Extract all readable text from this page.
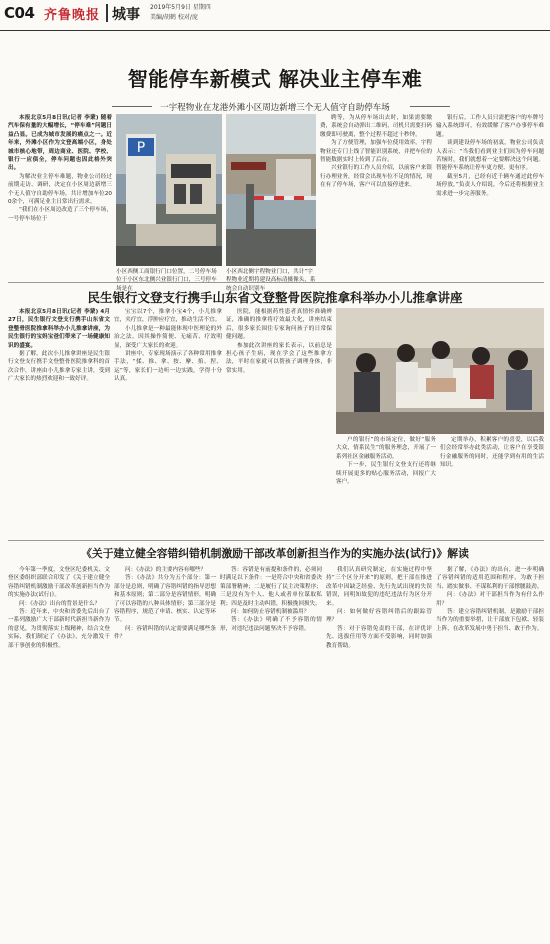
C04 齐鲁晚报 城事 2019年5月9日 星期四
美编/胡鹤 校对/庞
智能停车新模式 解决业主停车难
一宇程物业在龙港外滩小区周边新增三个无人值守自助停车场

本报北京5月8日讯(记者 李蒙) 随着汽车保有量的大幅增长，“停车难”问题日益凸显。已成为城市发展的痛点之一。近年来，外滩小区作为文登高端小区，身处城市核心地带，周边商业、医院、学校、银行一应俱全，停车问题也因此格外突出。

为解决业主停车难题，物业公司经过前期走访、调研，决定在小区周边新增三个无人值守自助停车场，共计增加车位200余个，可满足业主日常出行需求。

“我们在小区周边改造了三个停车场，一号停车场位于

P
小区西侧工商银行门口位置，二号停车场位于小区东北侧兴业银行门口，三号停车场是在
小区西北侧宇程物业门口，共计“宇程物业近期将建设高标清摄像头，系统会自动识别车

聘等，为从停车场出去时，如果需要缴费，系统会自动弹出二维码，司机只需要扫码缴费即可驶离，整个过程不超过十秒钟。

为了方便管理，加强车位使用效率，宇程物业还专门上线了智能识别系统，并把车位的智能数据实时上传到了后台。

兴业银行的工作人员介绍，以前客户来银行办理业务，经常会出现车位不足的情况，现在有了停车场，客户可以直接停进来。

银行后，工作人员只需把客户的车牌号输入系统即可，有效缓解了客户办事停车难题。

谈到建设停车场的初衷，物业公司负责人表示：“当我们看到业主们因为停车问题苦恼时，我们就想着一定要解决这个问题。智能停车系统让停车更方便、更有序。

截至5月，已经有近千辆车通过此停车场停放，”负责人介绍说，今后还将根据业主需求进一步完善服务。

民生银行文登支行携手山东省文登整骨医院推拿科举办小儿推拿讲座

本报北京5月8日讯(记者 李蒙) 4月27日，民生银行文登支行携手山东省文登整骨医院推拿科举办小儿推拿讲座，为民生银行的宝妈宝爸们带来了一场健康知识的盛宴。

据了解，此次小儿推拿讲座是民生银行文登支行携手文登整骨医院推拿科的首次合作，讲座由小儿推拿专家主讲，受到广大家长的热烈欢迎和一致好评。

宝宝以7个，推拿小宝4个，小儿推拿宜，夹疗宜，浮肿应疗宜，推动生活不宜。

小儿推拿是一种最能体现中医理论的外治之法，因其操作简便、无痛苦、疗效明显，深受广大家长的欢迎。

讲座中，专家现场演示了各种常用推拿手法，“揉、推、拿、按、摩、掐、捏、运”等，家长们一边听一边实践，学得十分认真。

医院，能根据药性患者真情怀准确辨证，准确的推拿将疗效最大化，讲座结束后，很多家长围住专家询问孩子的日常保健问题。

参加此次讲座的家长表示，以前总是担心孩子生病，现在学会了这些推拿方法，平时在家就可以帮孩子调理身体，非常实用。

户的银行”的市场定位，做好“服务大众，情系民生”的服务理念，开展了一系列社区金融服务活动。

下一步，民生银行文登支行还将继续开展更多的贴心服务活动，回报广大客户。

定期举办，积累客户的喜爱，以后我们会经常举办此类活动，让客户在享受银行金融服务的同时，还能学到有用的生活知识。

《关于建立健全容错纠错机制激励干部改革创新担当作为的实施办法(试行)》解读

今年第一季度，文登区纪委机关、文登区委组织部联合印发了《关于建立健全容错纠错机制激励干部改革创新担当作为的实施办法(试行)》。

问：《办法》出台的背景是什么？

答：近年来，中央和省委先后出台了一系列激励广大干部新时代新担当新作为的意见，为贯彻落实上级精神，结合文登实际，我们制定了《办法》，充分激发干部干事创业的积极性。

问：《办法》的主要内容有哪些？

答：《办法》共分为五个部分：第一部分是总则，明确了容错纠错的指导思想和基本原则；第二部分是容错情形，明确了可以容错的八种具体情形；第三部分是容错程序，规范了申请、核实、认定等环节。

问：容错纠错的认定需要满足哪些条件？

答：容错是有前提和条件的，必须同时满足以下条件：一是符合中央和省委决策部署精神；二是履行了民主决策程序；三是没有为个人、他人或者单位谋取私利；四是及时主动纠错，积极挽回损失。

问：如何防止容错机制被滥用？

答：《办法》明确了不予容错的情形，对违纪违法问题坚决不予容错。

我们认真研究制定，在实施过程中坚持“三个区分开来”的原则，把干部在推进改革中因缺乏经验、先行先试出现的失误错误，同明知故犯的违纪违法行为区分开来。

问：如何做好容错纠错后的跟踪管理？

答：对于容错免责的干部，在评优评先、选拔任用等方面不受影响，同时加强教育帮助。

据了解，《办法》的出台，进一步明确了容错纠错的适用范围和程序，为敢于担当、踏实做事、不谋私利的干部撑腰鼓劲。

问：《办法》对干部担当作为有什么作用？

答：建立容错纠错机制，是激励干部担当作为的重要举措，让干部放下包袱、轻装上阵，在改革发展中勇于担当、敢于作为。
